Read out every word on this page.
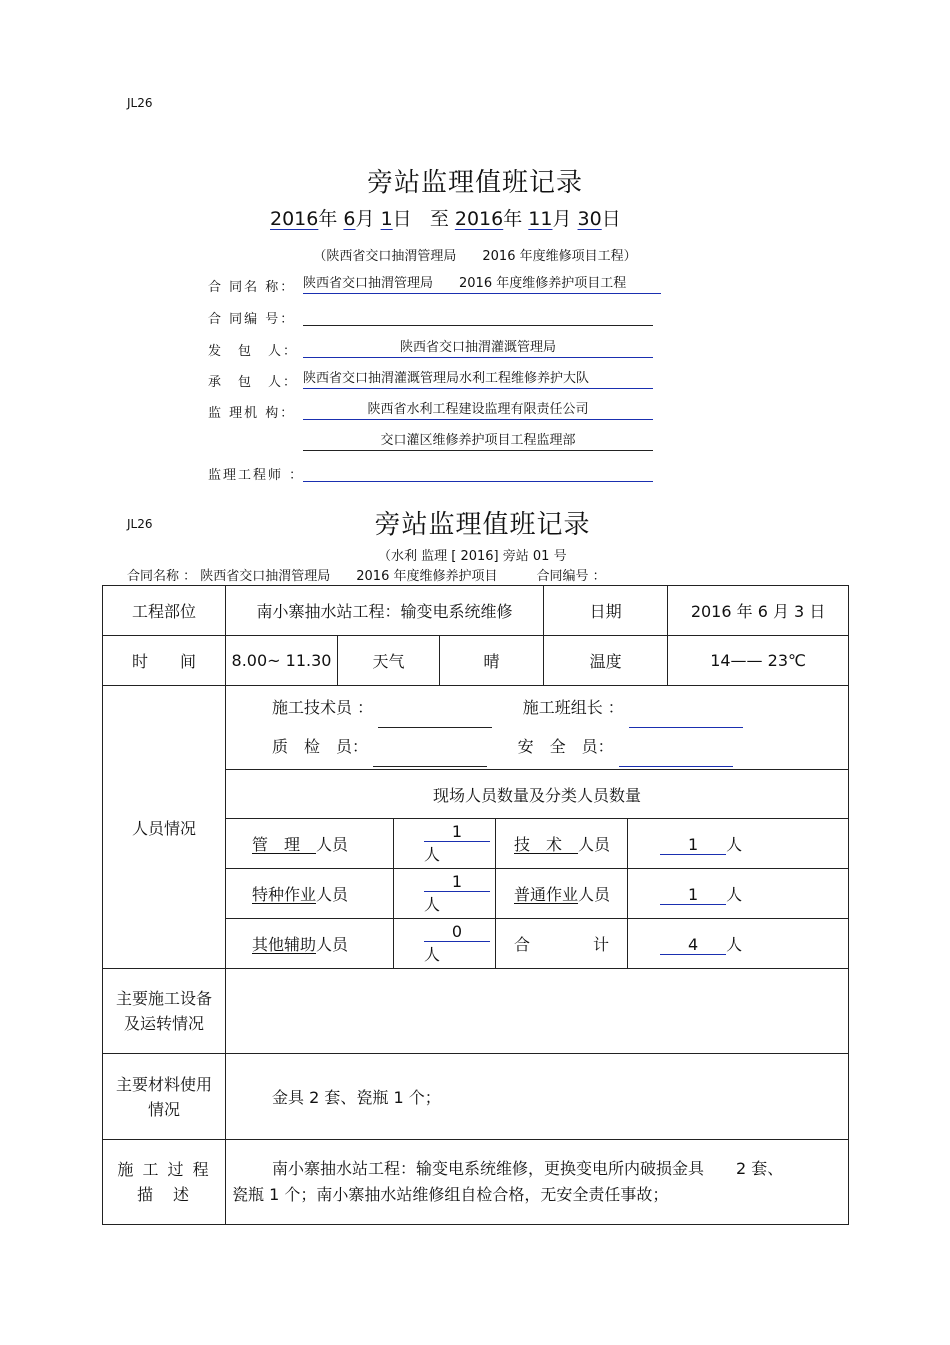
JL26
旁站监理值班记录
2016年 6月 1日 至 2016年 11月 30日
（陕西省交口抽渭管理局　　2016 年度维修项目工程）
合 同名 称： 陕西省交口抽渭管理局　　2016 年度维修养护项目工程
合 同编 号：
发　包　人：	陕西省交口抽渭灌溉管理局
承　包　人： 陕西省交口抽渭灌溉管理局水利工程维修养护大队
监 理机 构：	陕西省水利工程建设监理有限责任公司
交口灌区维修养护项目工程监理部
监理工程师 ：
JL26	旁站监理值班记录
（水利 监理 [ 2016] 旁站 01 号
合同名称 ： 陕西省交口抽渭管理局　　2016 年度维修养护项目　　　合同编号 ：
工程部位	南小寨抽水站工程：输变电系统维修					日期		2016 年 6 月 3 日
时　　间	8.00~ 11.30	天气		晴		温度		14—— 23℃
人员情况	施工技术员 ： 施工班组长 ：
质　检　员： 安　全　员：							

	现场人员数量及分类人员数量							
	管　理　人员		1人		技　术　人员		1 人	
	特种作业人员		1人		普通作业人员		1 人	
	其他辅助人员		0人		合 计		4 人	
主要施工设备及运转情况								
主要材料使用情况	金具 2 套、瓷瓶 1 个；							
施 工 过 程描　述	南小寨抽水站工程：输变电系统维修，更换变电所内破损金具　　2 套、
瓷瓶 1 个；南小寨抽水站维修组自检合格，无安全责任事故；							
